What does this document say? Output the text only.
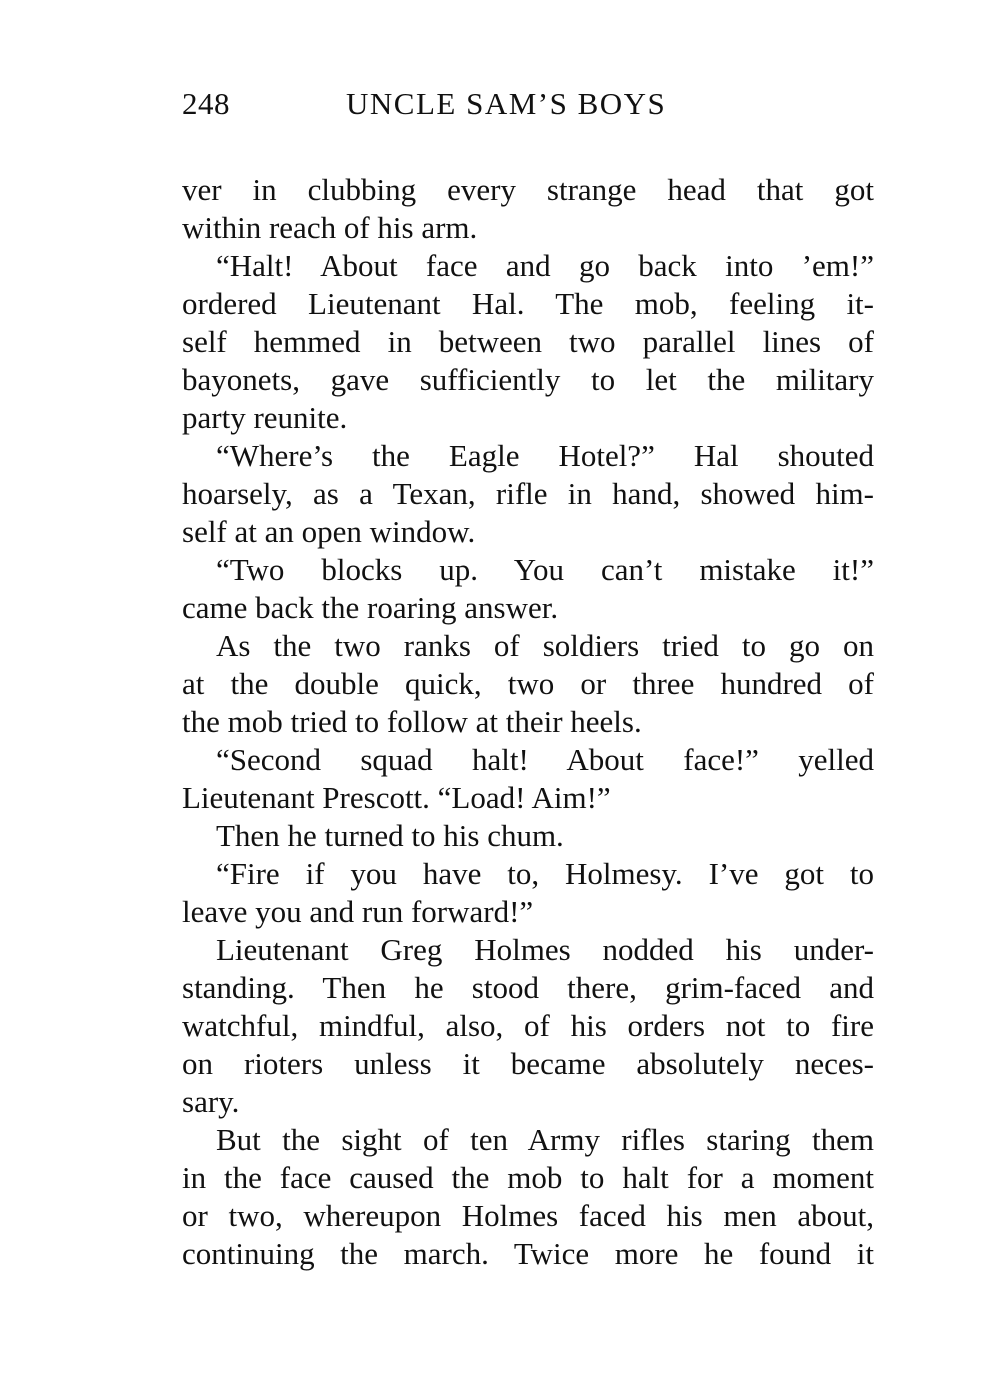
248	UNCLE SAM’S BOYS
ver in clubbing every strange head that got
within reach of his arm.
“Halt! About face and go back into ’em!”
ordered Lieutenant Hal. The mob, feeling it-
self hemmed in between two parallel lines of
bayonets, gave sufficiently to let the military
party reunite.
“Where’s the Eagle Hotel?” Hal shouted
hoarsely, as a Texan, rifle in hand, showed him-
self at an open window.
“Two blocks up. You can’t mistake it!”
came back the roaring answer.
As the two ranks of soldiers tried to go on
at the double quick, two or three hundred of
the mob tried to follow at their heels.
“Second squad halt! About face!” yelled
Lieutenant Prescott. “Load! Aim!”
Then he turned to his chum.
“Fire if you have to, Holmesy. I’ve got to
leave you and run forward!”
Lieutenant Greg Holmes nodded his under-
standing. Then he stood there, grim-faced and
watchful, mindful, also, of his orders not to fire
on rioters unless it became absolutely neces-
sary.
But the sight of ten Army rifles staring them
in the face caused the mob to halt for a moment
or two, whereupon Holmes faced his men about,
continuing the march. Twice more he found it
